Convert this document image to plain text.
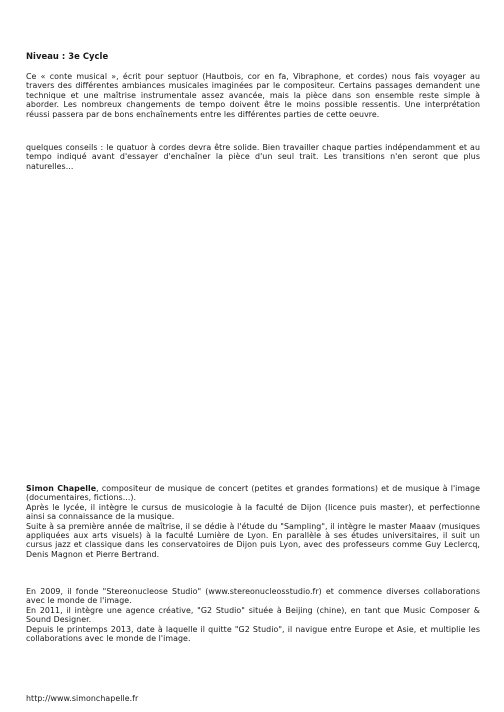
Niveau : 3e Cycle

Ce « conte musical », écrit pour septuor (Hautbois, cor en fa, Vibraphone, et cordes) nous fais voyager au travers des différentes ambiances musicales imaginées par le compositeur. Certains passages demandent une technique et une maîtrise instrumentale assez avancée, mais la pièce dans son ensemble reste simple à aborder. Les nombreux changements de tempo doivent être le moins possible ressentis. Une interprétation réussi passera par de bons enchaînements entre les différentes parties de cette oeuvre.

quelques conseils : le quatuor à cordes devra être solide. Bien travailler chaque parties indépendamment et au tempo indiqué avant d'essayer d'enchaîner la pièce d'un seul trait. Les transitions n'en seront que plus naturelles...

Simon Chapelle, compositeur de musique de concert (petites et grandes formations) et de musique à l'image (documentaires, fictions...).

Après le lycée, il intègre le cursus de musicologie à la faculté de Dijon (licence puis master), et perfectionne ainsi sa connaissance de la musique.

Suite à sa première année de maîtrise, il se dédie à l'étude du "Sampling", il intègre le master Maaav (musiques appliquées aux arts visuels) à la faculté Lumière de Lyon. En parallèle à ses études universitaires, il suit un cursus jazz et classique dans les conservatoires de Dijon puis Lyon, avec des professeurs comme Guy Leclercq, Denis Magnon et Pierre Bertrand.

En 2009, il fonde "Stereonucleose Studio" (www.stereonucleosstudio.fr) et commence diverses collaborations avec le monde de l'image.

En 2011, il intègre une agence créative, "G2 Studio" située à Beijing (chine), en tant que Music Composer & Sound Designer.

Depuis le printemps 2013, date à laquelle il quitte "G2 Studio", il navigue entre Europe et Asie, et multiplie les collaborations avec le monde de l'image.

http://www.simonchapelle.fr
